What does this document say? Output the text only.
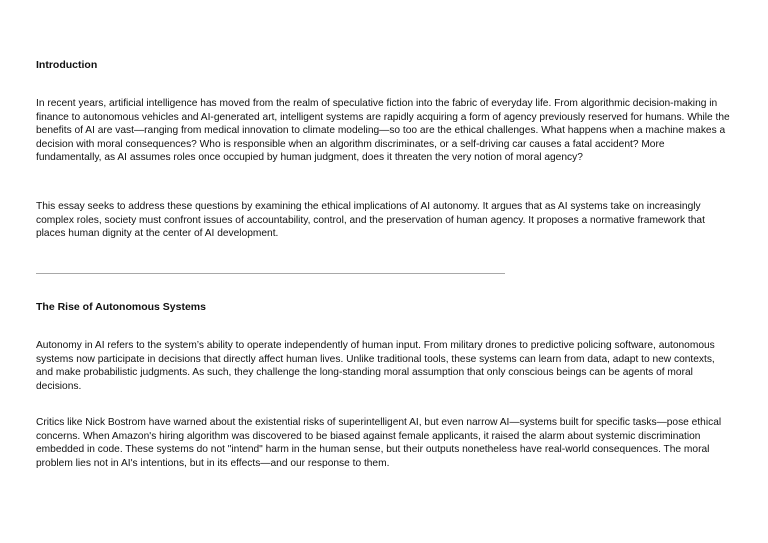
Introduction

In recent years, artificial intelligence has moved from the realm of speculative fiction into the fabric of everyday life. From algorithmic decision-making in finance to autonomous vehicles and AI-generated art, intelligent systems are rapidly acquiring a form of agency previously reserved for humans. While the benefits of AI are vast—ranging from medical innovation to climate modeling—so too are the ethical challenges. What happens when a machine makes a decision with moral consequences? Who is responsible when an algorithm discriminates, or a self-driving car causes a fatal accident? More fundamentally, as AI assumes roles once occupied by human judgment, does it threaten the very notion of moral agency?

This essay seeks to address these questions by examining the ethical implications of AI autonomy. It argues that as AI systems take on increasingly complex roles, society must confront issues of accountability, control, and the preservation of human agency. It proposes a normative framework that places human dignity at the center of AI development.

The Rise of Autonomous Systems

Autonomy in AI refers to the system’s ability to operate independently of human input. From military drones to predictive policing software, autonomous systems now participate in decisions that directly affect human lives. Unlike traditional tools, these systems can learn from data, adapt to new contexts, and make probabilistic judgments. As such, they challenge the long-standing moral assumption that only conscious beings can be agents of moral decisions.

Critics like Nick Bostrom have warned about the existential risks of superintelligent AI, but even narrow AI—systems built for specific tasks—pose ethical concerns. When Amazon's hiring algorithm was discovered to be biased against female applicants, it raised the alarm about systemic discrimination embedded in code. These systems do not "intend" harm in the human sense, but their outputs nonetheless have real-world consequences. The moral problem lies not in AI's intentions, but in its effects—and our response to them.
